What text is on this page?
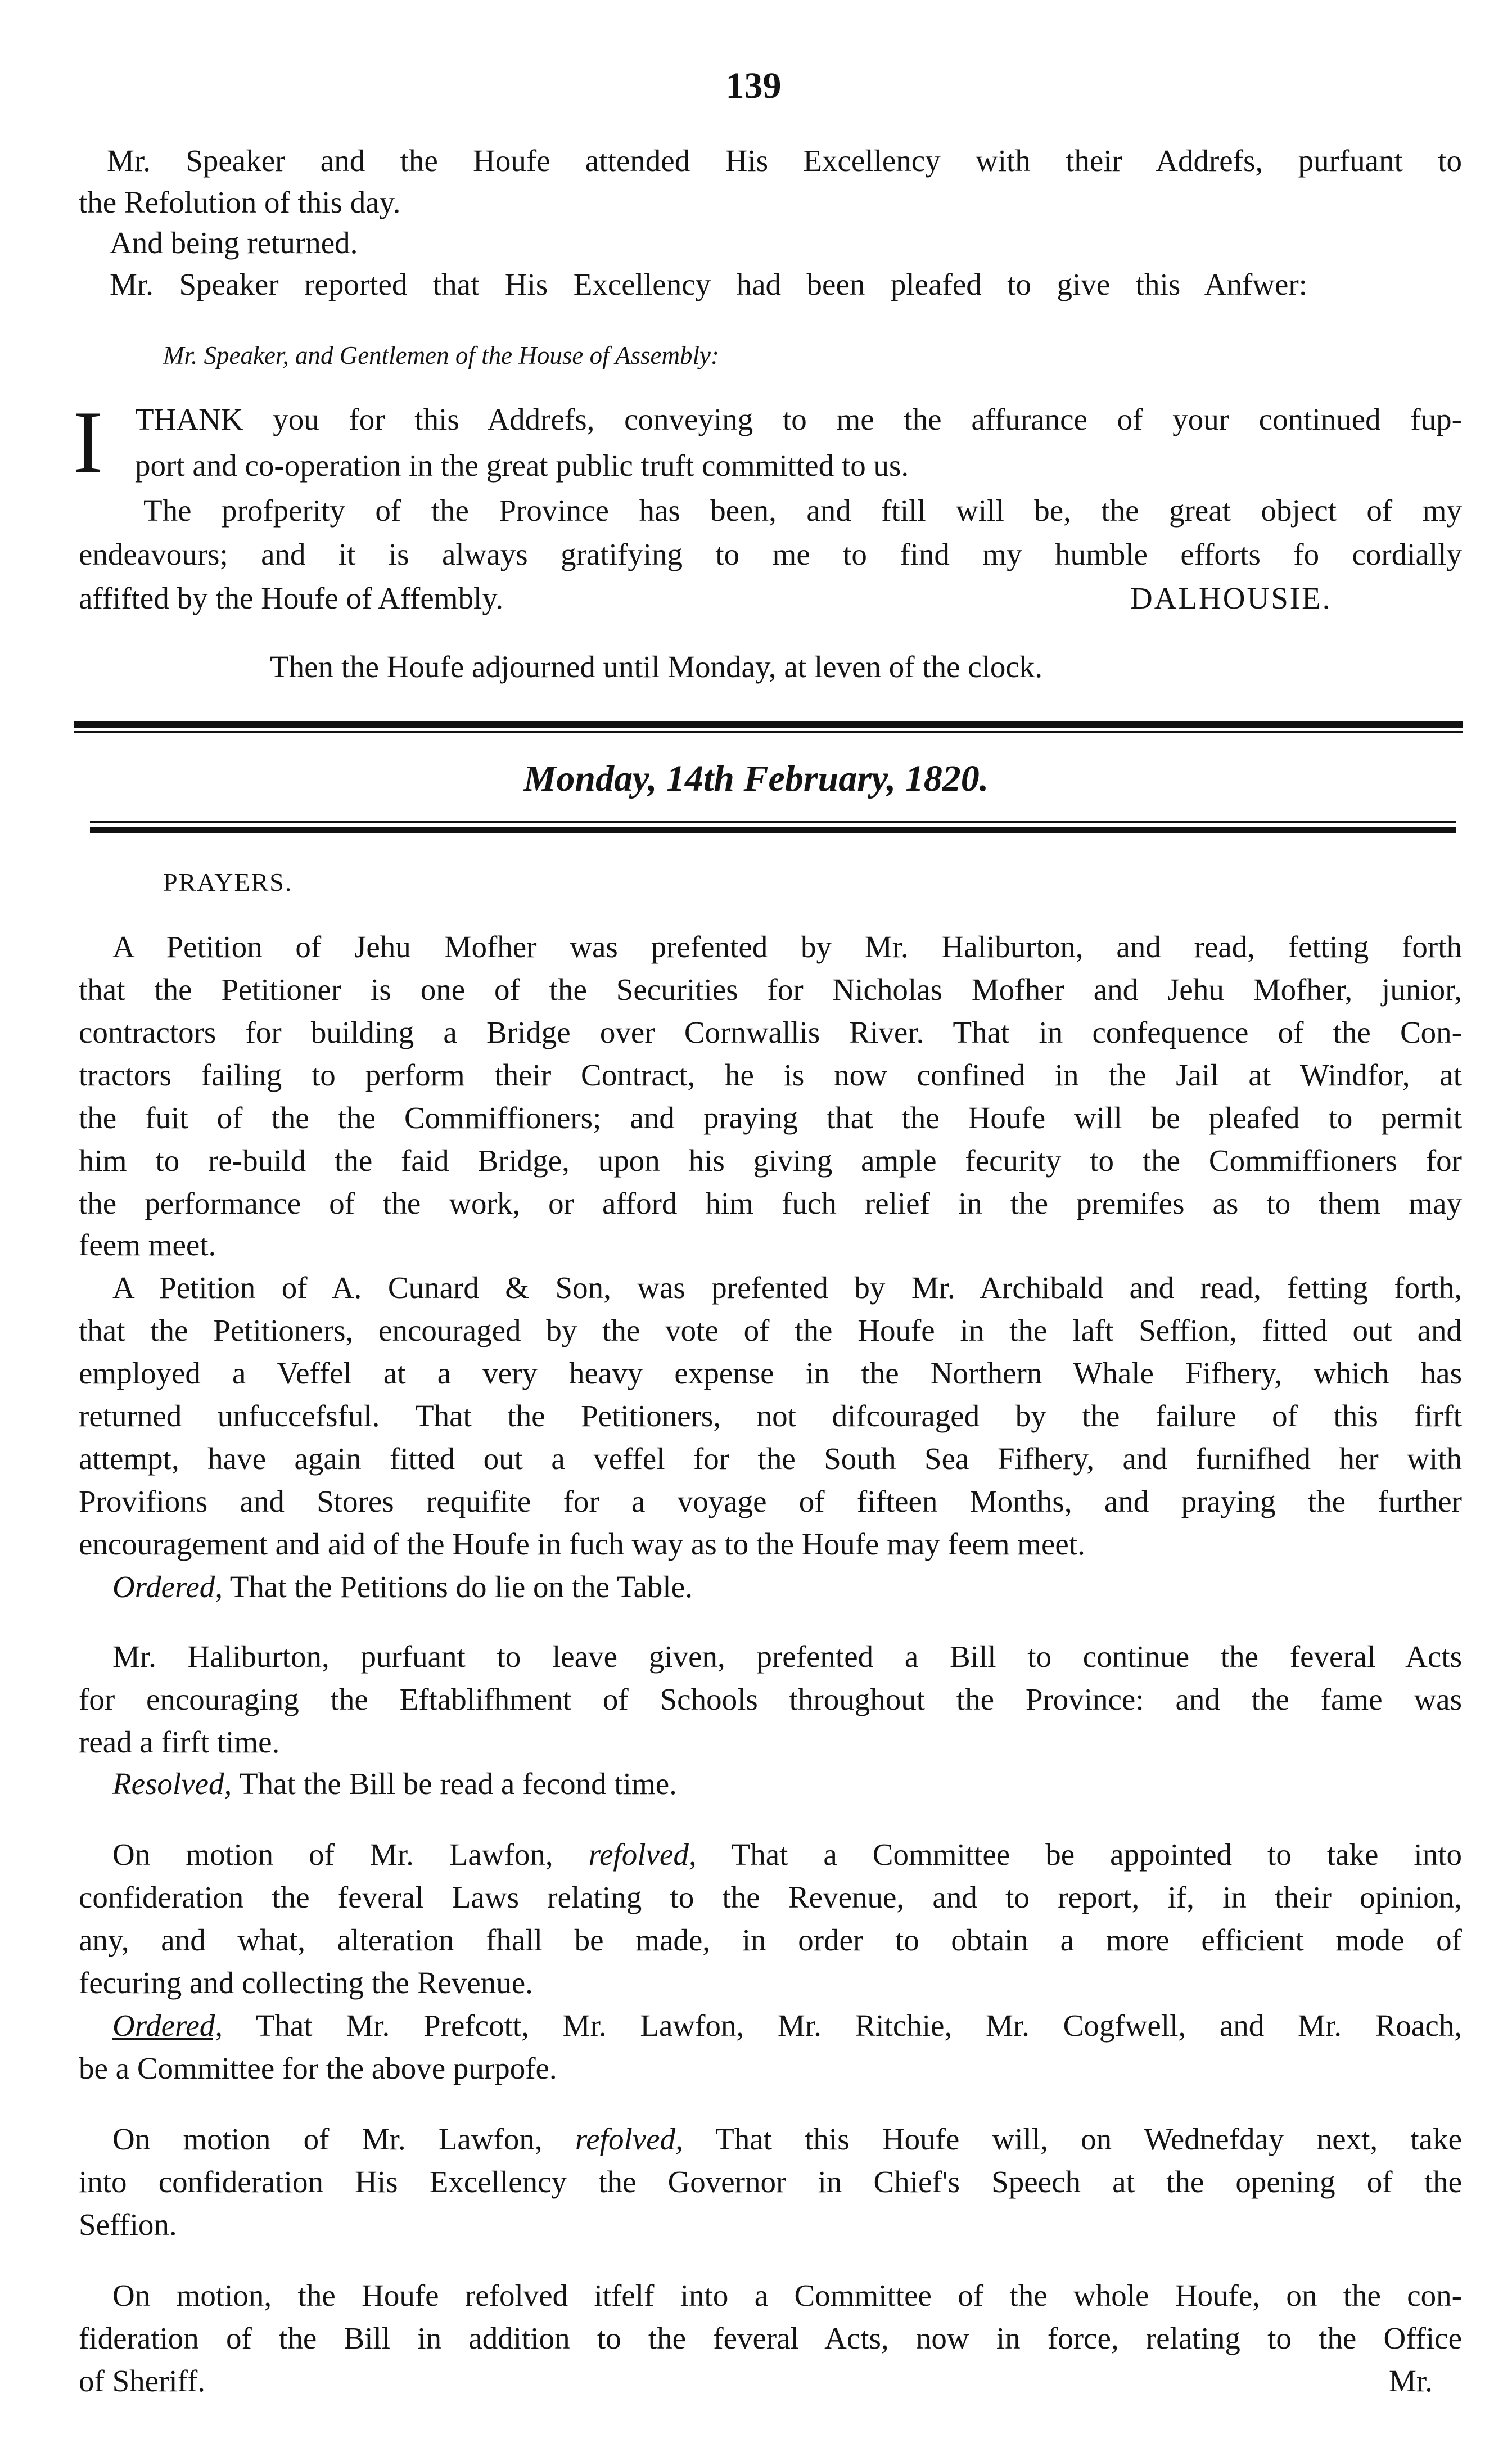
139
Mr. Speaker and the Houfe attended His Excellency with their Addrefs, purfuant to
the Refolution of this day.
And being returned.
Mr. Speaker reported that His Excellency had been pleafed to give this Anfwer:
Mr. Speaker, and Gentlemen of the House of Assembly:
I THANK you for this Addrefs, conveying to me the affurance of your continued fup-
port and co-operation in the great public truft committed to us.
The profperity of the Province has been, and ftill will be, the great object of my
endeavours; and it is always gratifying to me to find my humble efforts fo cordially
affifted by the Houfe of Affembly.	DALHOUSIE.
Then the Houfe adjourned until Monday, at leven of the clock.
Monday, 14th February, 1820.
PRAYERS.
A Petition of Jehu Mofher was prefented by Mr. Haliburton, and read, fetting forth
that the Petitioner is one of the Securities for Nicholas Mofher and Jehu Mofher, junior,
contractors for building a Bridge over Cornwallis River. That in confequence of the Con-
tractors failing to perform their Contract, he is now confined in the Jail at Windfor, at
the fuit of the the Commiffioners; and praying that the Houfe will be pleafed to permit
him to re-build the faid Bridge, upon his giving ample fecurity to the Commiffioners for
the performance of the work, or afford him fuch relief in the premifes as to them may
feem meet.
A Petition of A. Cunard & Son, was prefented by Mr. Archibald and read, fetting forth,
that the Petitioners, encouraged by the vote of the Houfe in the laft Seffion, fitted out and
employed a Veffel at a very heavy expense in the Northern Whale Fifhery, which has
returned unfuccefsful. That the Petitioners, not difcouraged by the failure of this firft
attempt, have again fitted out a veffel for the South Sea Fifhery, and furnifhed her with
Provifions and Stores requifite for a voyage of fifteen Months, and praying the further
encouragement and aid of the Houfe in fuch way as to the Houfe may feem meet.
Ordered, That the Petitions do lie on the Table.
Mr. Haliburton, purfuant to leave given, prefented a Bill to continue the feveral Acts
for encouraging the Eftablifhment of Schools throughout the Province: and the fame was
read a firft time.
Resolved, That the Bill be read a fecond time.
On motion of Mr. Lawfon, refolved, That a Committee be appointed to take into
confideration the feveral Laws relating to the Revenue, and to report, if, in their opinion,
any, and what, alteration fhall be made, in order to obtain a more efficient mode of
fecuring and collecting the Revenue.
Ordered, That Mr. Prefcott, Mr. Lawfon, Mr. Ritchie, Mr. Cogfwell, and Mr. Roach,
be a Committee for the above purpofe.
On motion of Mr. Lawfon, refolved, That this Houfe will, on Wednefday next, take
into confideration His Excellency the Governor in Chief's Speech at the opening of the
Seffion.
On motion, the Houfe refolved itfelf into a Committee of the whole Houfe, on the con-
fideration of the Bill in addition to the feveral Acts, now in force, relating to the Office
of Sheriff.	Mr.
